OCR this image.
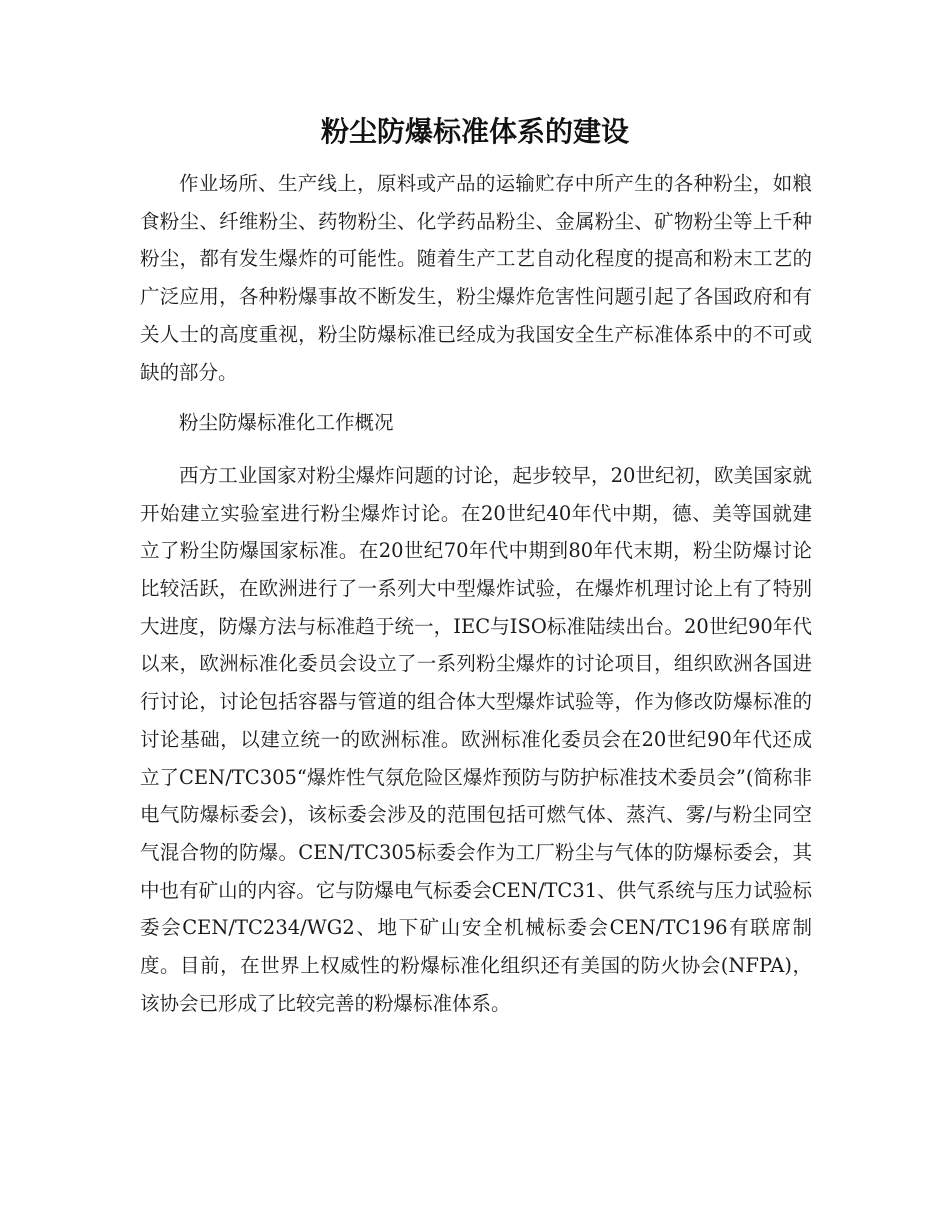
粉尘防爆标准体系的建设

作业场所、生产线上，原料或产品的运输贮存中所产生的各种粉尘，如粮食粉尘、纤维粉尘、药物粉尘、化学药品粉尘、金属粉尘、矿物粉尘等上千种粉尘，都有发生爆炸的可能性。随着生产工艺自动化程度的提高和粉末工艺的广泛应用，各种粉爆事故不断发生，粉尘爆炸危害性问题引起了各国政府和有关人士的高度重视，粉尘防爆标准已经成为我国安全生产标准体系中的不可或缺的部分。

粉尘防爆标准化工作概况

西方工业国家对粉尘爆炸问题的讨论，起步较早，20世纪初，欧美国家就开始建立实验室进行粉尘爆炸讨论。在20世纪40年代中期，德、美等国就建立了粉尘防爆国家标准。在20世纪70年代中期到80年代末期，粉尘防爆讨论比较活跃，在欧洲进行了一系列大中型爆炸试验，在爆炸机理讨论上有了特别大进度，防爆方法与标准趋于统一，IEC与ISO标准陆续出台。20世纪90年代以来，欧洲标准化委员会设立了一系列粉尘爆炸的讨论项目，组织欧洲各国进行讨论，讨论包括容器与管道的组合体大型爆炸试验等，作为修改防爆标准的讨论基础，以建立统一的欧洲标准。欧洲标准化委员会在20世纪90年代还成立了CEN/TC305“爆炸性气氛危险区爆炸预防与防护标准技术委员会”(简称非电气防爆标委会)，该标委会涉及的范围包括可燃气体、蒸汽、雾/与粉尘同空气混合物的防爆。CEN/TC305标委会作为工厂粉尘与气体的防爆标委会，其中也有矿山的内容。它与防爆电气标委会CEN/TC31、供气系统与压力试验标委会CEN/TC234/WG2、地下矿山安全机械标委会CEN/TC196有联席制度。目前，在世界上权威性的粉爆标准化组织还有美国的防火协会(NFPA)，该协会已形成了比较完善的粉爆标准体系。
